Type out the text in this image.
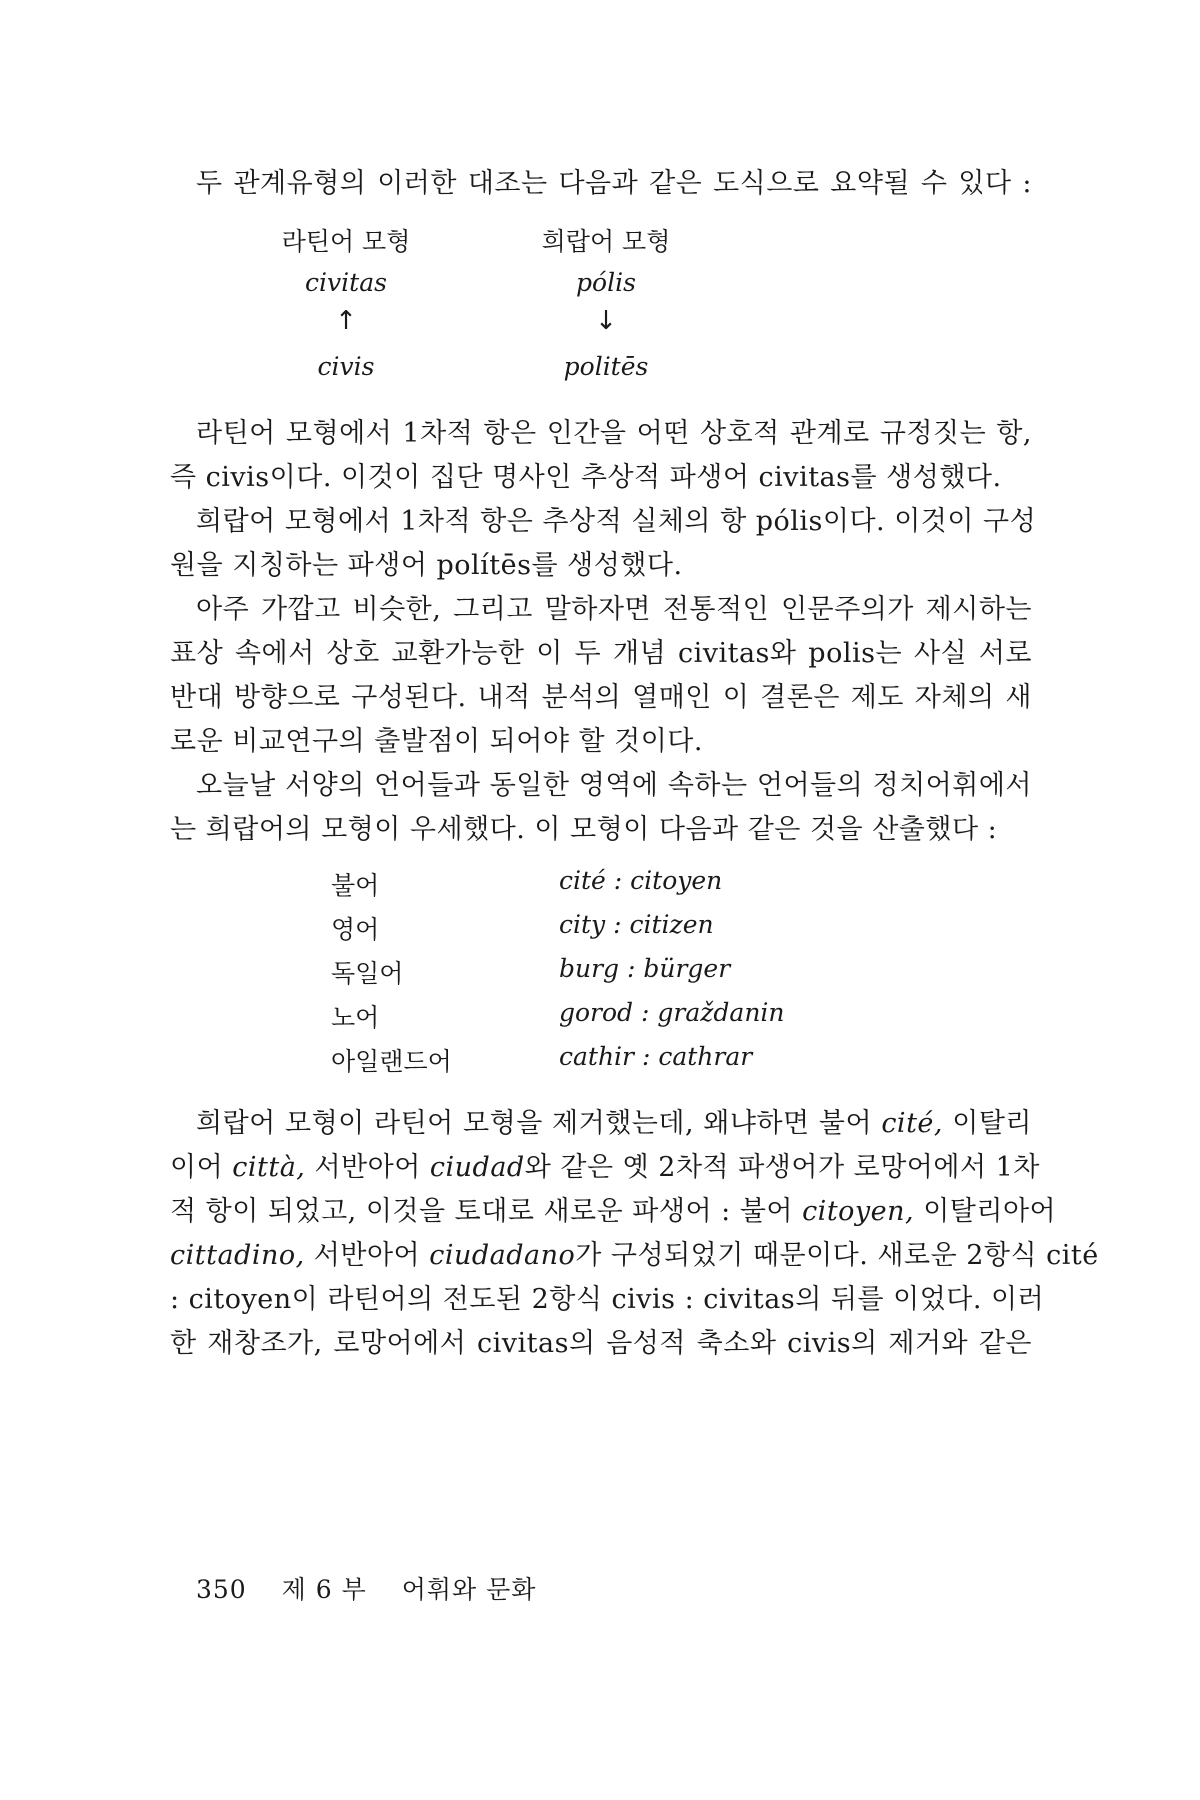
두 관계유형의 이러한 대조는 다음과 같은 도식으로 요약될 수 있다 :
라틴어 모형	희랍어 모형
civitas	pólis
↑	↓
civis	politēs
라틴어 모형에서 1차적 항은 인간을 어떤 상호적 관계로 규정짓는 항,
즉 civis이다. 이것이 집단 명사인 추상적 파생어 civitas를 생성했다.
희랍어 모형에서 1차적 항은 추상적 실체의 항 pólis이다. 이것이 구성
원을 지칭하는 파생어 polítēs를 생성했다.
아주 가깝고 비슷한, 그리고 말하자면 전통적인 인문주의가 제시하는
표상 속에서 상호 교환가능한 이 두 개념 civitas와 polis는 사실 서로
반대 방향으로 구성된다. 내적 분석의 열매인 이 결론은 제도 자체의 새
로운 비교연구의 출발점이 되어야 할 것이다.
오늘날 서양의 언어들과 동일한 영역에 속하는 언어들의 정치어휘에서
는 희랍어의 모형이 우세했다. 이 모형이 다음과 같은 것을 산출했다 :
불어	cité : citoyen
영어	city : citizen
독일어	burg : bürger
노어	gorod : graždanin
아일랜드어	cathir : cathrar
희랍어 모형이 라틴어 모형을 제거했는데, 왜냐하면 불어 cité, 이탈리
이어 città, 서반아어 ciudad와 같은 옛 2차적 파생어가 로망어에서 1차
적 항이 되었고, 이것을 토대로 새로운 파생어 : 불어 citoyen, 이탈리아어
cittadino, 서반아어 ciudadano가 구성되었기 때문이다. 새로운 2항식 cité
: citoyen이 라틴어의 전도된 2항식 civis : civitas의 뒤를 이었다. 이러
한 재창조가, 로망어에서 civitas의 음성적 축소와 civis의 제거와 같은
350 제 6 부 어휘와 문화
